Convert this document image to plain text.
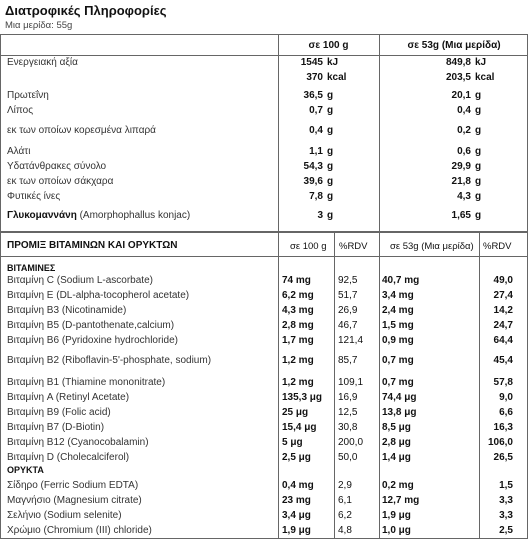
Διατροφικές Πληροφορίες
Μια μερίδα: 55g
σε 100 g	σε 53g (Μια μερίδα)
Ενεργειακή αξία	1545 kJ	849,8 kJ
370 kcal	203,5 kcal
Πρωτεΐνη	36,5 g	20,1 g
Λίπος	0,7 g	0,4 g
εκ των οποίων κορεσμένα λιπαρά	0,4 g	0,2 g
Αλάτι	1,1 g	0,6 g
Υδατάνθρακες σύνολο	54,3 g	29,9 g
εκ των οποίων σάκχαρα	39,6 g	21,8 g
Φυτικές ίνες	7,8 g	4,3 g
Γλυκομαννάνη (Amorphophallus konjac)	3 g	1,65 g
ΠΡΟΜΙΞ ΒΙΤΑΜΙΝΩΝ ΚΑΙ ΟΡΥΚΤΩΝ	σε 100 g %RDV σε 53g (Μια μερίδα) %RDV
ΒΙΤΑΜΙΝΕΣ
Βιταμίνη C (Sodium L-ascorbate)	74 mg	92,5 40,7 mg	49,0
Βιταμίνη E (DL-alpha-tocopherol acetate)	6,2 mg 51,7 3,4 mg	27,4
Βιταμίνη B3 (Nicotinamide)	4,3 mg 26,9 2,4 mg	14,2
Βιταμίνη B5 (D-pantothenate,calcium)	2,8 mg 46,7 1,5 mg	24,7
Βιταμίνη B6 (Pyridoxine hydrochloride)	1,7 mg 121,4 0,9 mg	64,4
Βιταμίνη B2 (Riboflavin-5'-phosphate, sodium)	1,2 mg 85,7 0,7 mg	45,4
Βιταμίνη B1 (Thiamine mononitrate)	1,2 mg 109,1 0,7 mg	57,8
Βιταμίνη A (Retinyl Acetate)	135,3 μg 16,9 74,4 μg	9,0
Βιταμίνη B9 (Folic acid)	25 μg	12,5 13,8 μg	6,6
Βιταμίνη B7 (D-Biotin)	15,4 μg 30,8 8,5 μg	16,3
Βιταμίνη B12 (Cyanocobalamin)	5 μg	200,0 2,8 μg	106,0
Βιταμίνη D (Cholecalciferol)	2,5 μg	50,0 1,4 μg	26,5
ΟΡΥΚΤΑ
Σίδηρο (Ferric Sodium EDTA)	0,4 mg 2,9	0,2 mg	1,5
Μαγνήσιο (Magnesium citrate)	23 mg	6,1	12,7 mg	3,3
Σελήνιο (Sodium selenite)	3,4 μg	6,2	1,9 μg	3,3
Χρώμιο (Chromium (III) chloride)	1,9 μg	4,8	1,0 μg	2,5
